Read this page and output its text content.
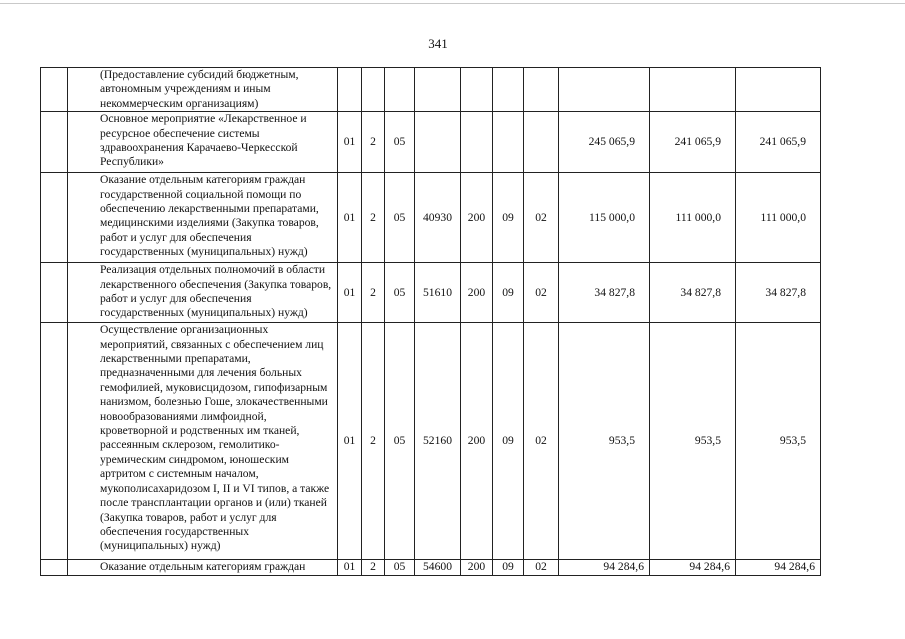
341
	(Предоставление субсидий бюджетным, автономным учреждениям и иным некоммерческим организациям)										
	Основное мероприятие «Лекарственное и ресурсное обеспечение системы здравоохранения Карачаево-Черкесской Республики»	01	2	05					245 065,9	241 065,9	241 065,9
	Оказание отдельным категориям граждан государственной социальной помощи по обеспечению лекарственными препаратами, медицинскими изделиями (Закупка товаров, работ и услуг для обеспечения государственных (муниципальных) нужд)	01	2	05	40930	200	09	02	115 000,0	111 000,0	111 000,0
	Реализация отдельных полномочий в области лекарственного обеспечения (Закупка товаров, работ и услуг для обеспечения государственных (муниципальных) нужд)	01	2	05	51610	200	09	02	34 827,8	34 827,8	34 827,8
	Осуществление организационных мероприятий, связанных с обеспечением лиц лекарственными препаратами, предназначенными для лечения больных гемофилией, муковисцидозом, гипофизарным нанизмом, болезнью Гоше, злокачественными новообразованиями лимфоидной, кроветворной и родственных им тканей, рассеянным склерозом, гемолитико-уремическим синдромом, юношеским артритом с системным началом, мукополисахаридозом I, II и VI типов, а также после трансплантации органов и (или) тканей (Закупка товаров, работ и услуг для обеспечения государственных (муниципальных) нужд)	01	2	05	52160	200	09	02	953,5	953,5	953,5
	Оказание отдельным категориям граждан	01	2	05	54600	200	09	02	94 284,6	94 284,6	94 284,6
